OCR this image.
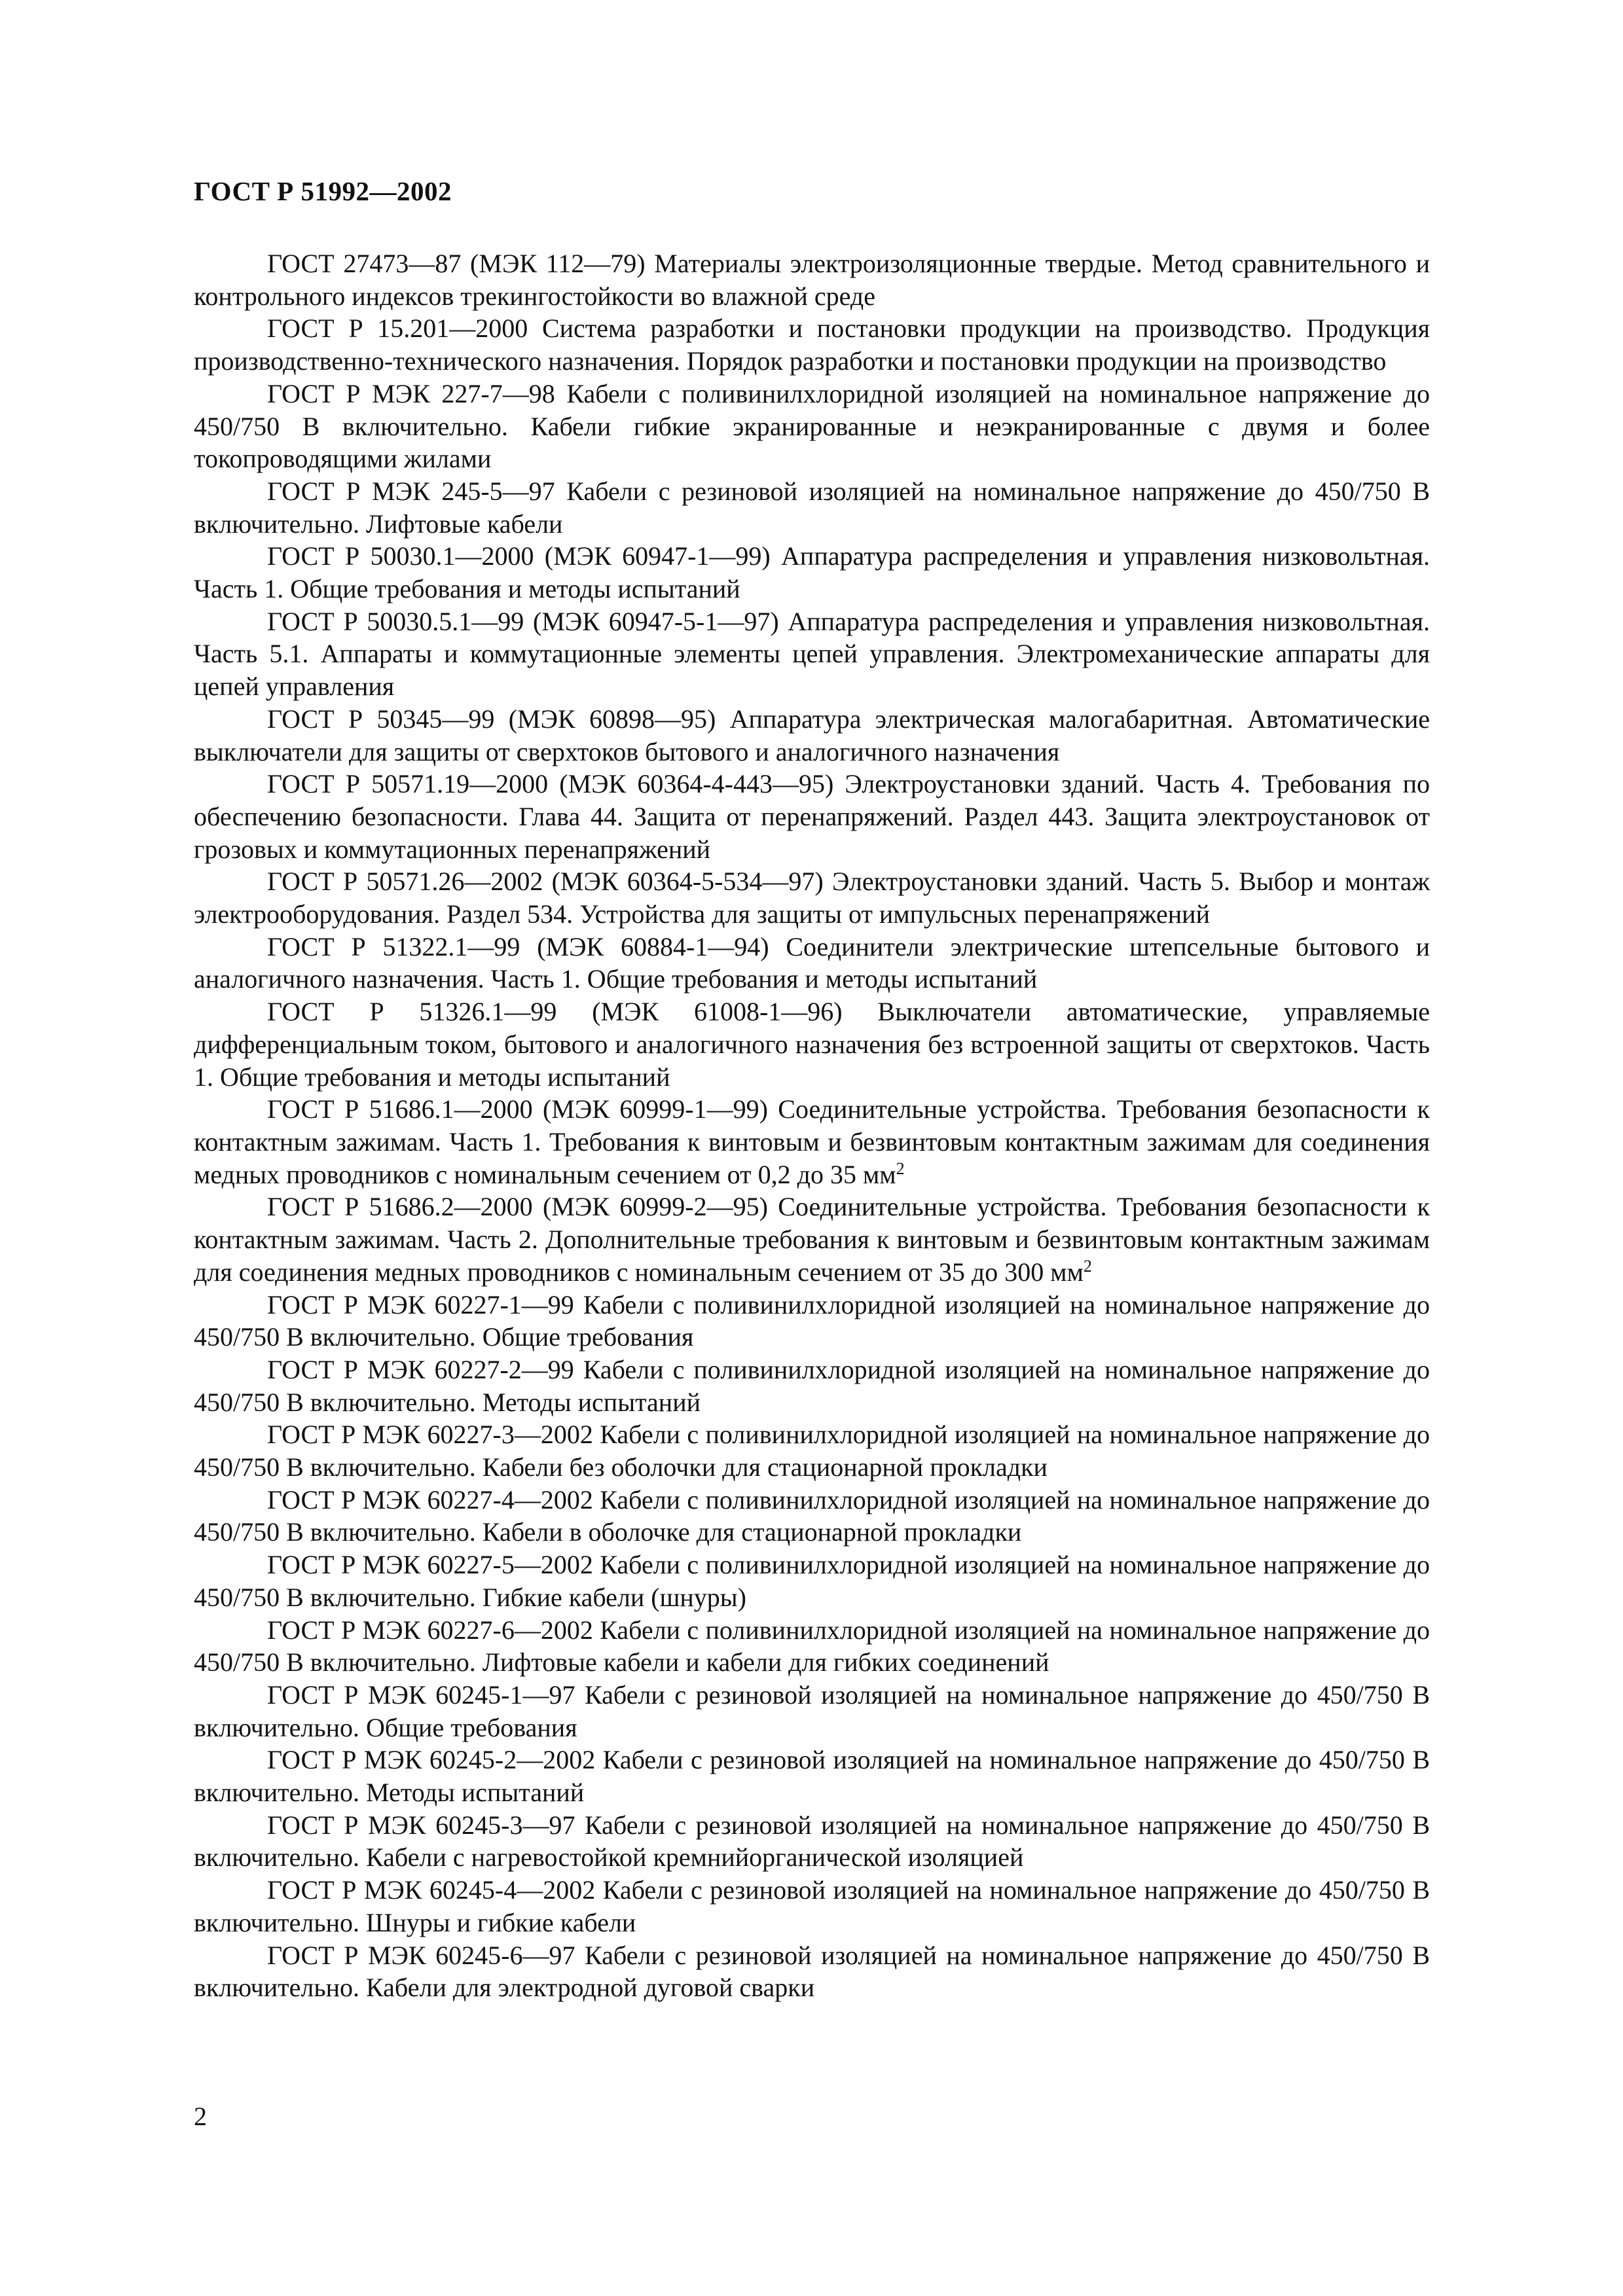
ГОСТ Р 51992—2002

ГОСТ 27473—87 (МЭК 112—79) Материалы электроизоляционные твердые. Метод сравнительного и контрольного индексов трекингостойкости во влажной среде

ГОСТ Р 15.201—2000 Система разработки и постановки продукции на производство. Продукция производственно-технического назначения. Порядок разработки и постановки продукции на производство

ГОСТ Р МЭК 227-7—98 Кабели с поливинилхлоридной изоляцией на номинальное напряжение до 450/750 В включительно. Кабели гибкие экранированные и неэкранированные с двумя и более токопроводящими жилами

ГОСТ Р МЭК 245-5—97 Кабели с резиновой изоляцией на номинальное напряжение до 450/750 В включительно. Лифтовые кабели

ГОСТ Р 50030.1—2000 (МЭК 60947-1—99) Аппаратура распределения и управления низковольтная. Часть 1. Общие требования и методы испытаний

ГОСТ Р 50030.5.1—99 (МЭК 60947-5-1—97) Аппаратура распределения и управления низковольтная. Часть 5.1. Аппараты и коммутационные элементы цепей управления. Электромеханические аппараты для цепей управления

ГОСТ Р 50345—99 (МЭК 60898—95) Аппаратура электрическая малогабаритная. Автоматические выключатели для защиты от сверхтоков бытового и аналогичного назначения

ГОСТ Р 50571.19—2000 (МЭК 60364-4-443—95) Электроустановки зданий. Часть 4. Требования по обеспечению безопасности. Глава 44. Защита от перенапряжений. Раздел 443. Защита электроустановок от грозовых и коммутационных перенапряжений

ГОСТ Р 50571.26—2002 (МЭК 60364-5-534—97) Электроустановки зданий. Часть 5. Выбор и монтаж электрооборудования. Раздел 534. Устройства для защиты от импульсных перенапряжений

ГОСТ Р 51322.1—99 (МЭК 60884-1—94) Соединители электрические штепсельные бытового и аналогичного назначения. Часть 1. Общие требования и методы испытаний

ГОСТ Р 51326.1—99 (МЭК 61008-1—96) Выключатели автоматические, управляемые дифференциальным током, бытового и аналогичного назначения без встроенной защиты от сверхтоков. Часть 1. Общие требования и методы испытаний

ГОСТ Р 51686.1—2000 (МЭК 60999-1—99) Соединительные устройства. Требования безопасности к контактным зажимам. Часть 1. Требования к винтовым и безвинтовым контактным зажимам для соединения медных проводников с номинальным сечением от 0,2 до 35 $мм^2$

ГОСТ Р 51686.2—2000 (МЭК 60999-2—95) Соединительные устройства. Требования безопасности к контактным зажимам. Часть 2. Дополнительные требования к винтовым и безвинтовым контактным зажимам для соединения медных проводников с номинальным сечением от 35 до 300 $мм^2$

ГОСТ Р МЭК 60227-1—99 Кабели с поливинилхлоридной изоляцией на номинальное напряжение до 450/750 В включительно. Общие требования

ГОСТ Р МЭК 60227-2—99 Кабели с поливинилхлоридной изоляцией на номинальное напряжение до 450/750 В включительно. Методы испытаний

ГОСТ Р МЭК 60227-3—2002 Кабели с поливинилхлоридной изоляцией на номинальное напряжение до 450/750 В включительно. Кабели без оболочки для стационарной прокладки

ГОСТ Р МЭК 60227-4—2002 Кабели с поливинилхлоридной изоляцией на номинальное напряжение до 450/750 В включительно. Кабели в оболочке для стационарной прокладки

ГОСТ Р МЭК 60227-5—2002 Кабели с поливинилхлоридной изоляцией на номинальное напряжение до 450/750 В включительно. Гибкие кабели (шнуры)

ГОСТ Р МЭК 60227-6—2002 Кабели с поливинилхлоридной изоляцией на номинальное напряжение до 450/750 В включительно. Лифтовые кабели и кабели для гибких соединений

ГОСТ Р МЭК 60245-1—97 Кабели с резиновой изоляцией на номинальное напряжение до 450/750 В включительно. Общие требования

ГОСТ Р МЭК 60245-2—2002 Кабели с резиновой изоляцией на номинальное напряжение до 450/750 В включительно. Методы испытаний

ГОСТ Р МЭК 60245-3—97 Кабели с резиновой изоляцией на номинальное напряжение до 450/750 В включительно. Кабели с нагревостойкой кремнийорганической изоляцией

ГОСТ Р МЭК 60245-4—2002 Кабели с резиновой изоляцией на номинальное напряжение до 450/750 В включительно. Шнуры и гибкие кабели

ГОСТ Р МЭК 60245-6—97 Кабели с резиновой изоляцией на номинальное напряжение до 450/750 В включительно. Кабели для электродной дуговой сварки

2
